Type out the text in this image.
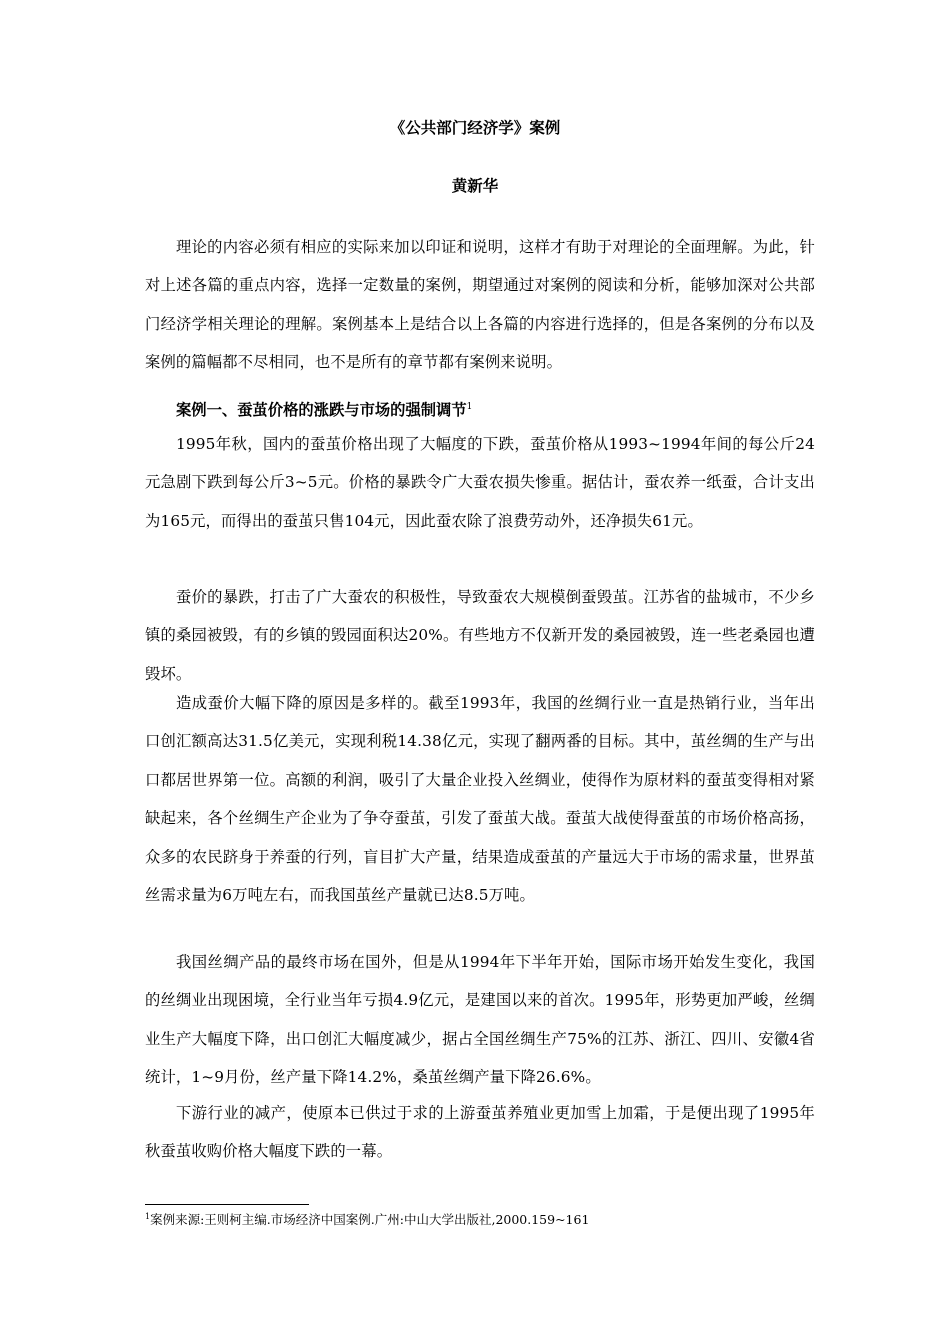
《公共部门经济学》案例
黄新华

理论的内容必须有相应的实际来加以印证和说明，这样才有助于对理论的全面理解。为此，针对上述各篇的重点内容，选择一定数量的案例，期望通过对案例的阅读和分析，能够加深对公共部门经济学相关理论的理解。案例基本上是结合以上各篇的内容进行选择的，但是各案例的分布以及案例的篇幅都不尽相同，也不是所有的章节都有案例来说明。

案例一、蚕茧价格的涨跌与市场的强制调节$^1$

1995年秋，国内的蚕茧价格出现了大幅度的下跌，蚕茧价格从1993~1994年间的每公斤24元急剧下跌到每公斤3~5元。价格的暴跌令广大蚕农损失惨重。据估计，蚕农养一纸蚕，合计支出为165元，而得出的蚕茧只售104元，因此蚕农除了浪费劳动外，还净损失61元。

蚕价的暴跌，打击了广大蚕农的积极性，导致蚕农大规模倒蚕毁茧。江苏省的盐城市，不少乡镇的桑园被毁，有的乡镇的毁园面积达20%。有些地方不仅新开发的桑园被毁，连一些老桑园也遭毁坏。

造成蚕价大幅下降的原因是多样的。截至1993年，我国的丝绸行业一直是热销行业，当年出口创汇额高达31.5亿美元，实现利税14.38亿元，实现了翻两番的目标。其中，茧丝绸的生产与出口都居世界第一位。高额的利润，吸引了大量企业投入丝绸业，使得作为原材料的蚕茧变得相对紧缺起来，各个丝绸生产企业为了争夺蚕茧，引发了蚕茧大战。蚕茧大战使得蚕茧的市场价格高扬，众多的农民跻身于养蚕的行列，盲目扩大产量，结果造成蚕茧的产量远大于市场的需求量，世界茧丝需求量为6万吨左右，而我国茧丝产量就已达8.5万吨。

我国丝绸产品的最终市场在国外，但是从1994年下半年开始，国际市场开始发生变化，我国的丝绸业出现困境，全行业当年亏损4.9亿元，是建国以来的首次。1995年，形势更加严峻，丝绸业生产大幅度下降，出口创汇大幅度减少，据占全国丝绸生产75%的江苏、浙江、四川、安徽4省统计，1~9月份，丝产量下降14.2%，桑茧丝绸产量下降26.6%。

下游行业的减产，使原本已供过于求的上游蚕茧养殖业更加雪上加霜，于是便出现了1995年秋蚕茧收购价格大幅度下跌的一幕。

$^1$案例来源:王则柯主编.市场经济中国案例.广州:中山大学出版社,2000.159~161
